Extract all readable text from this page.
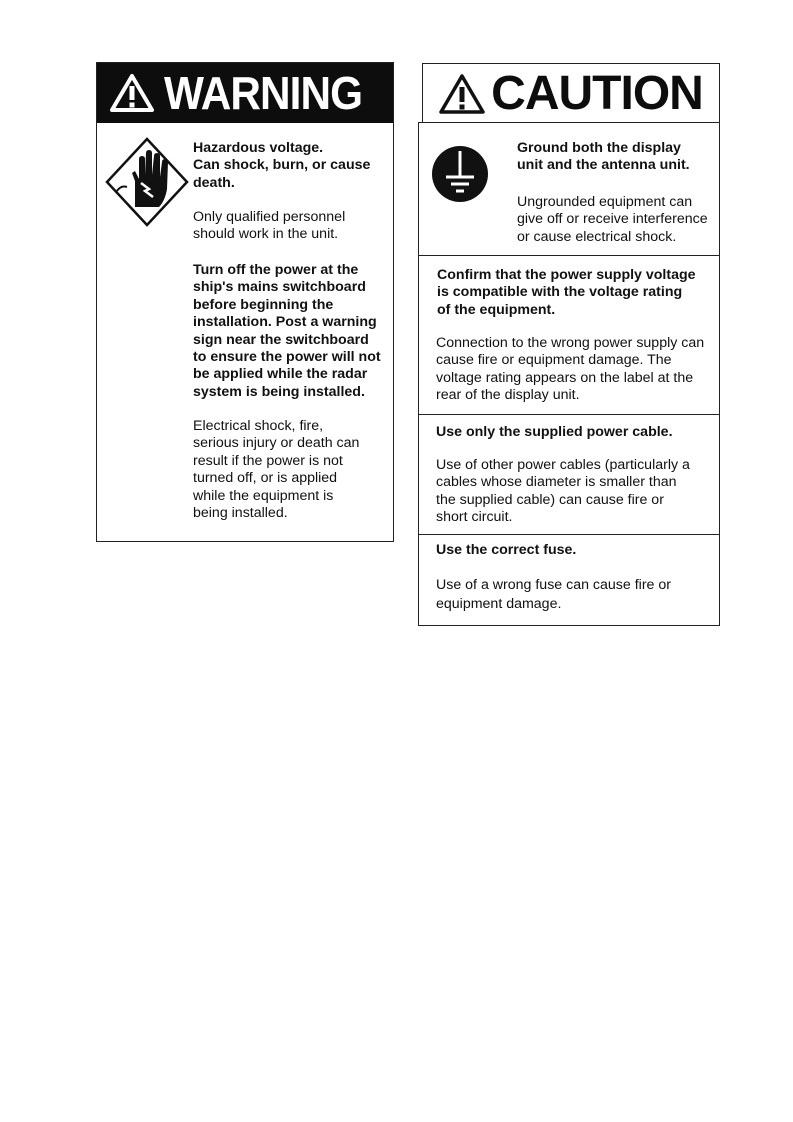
WARNING
Hazardous voltage.
Can shock, burn, or cause
death.
Only qualified personnel
should work in the unit.
Turn off the power at the
ship's mains switchboard
before beginning the
installation. Post a warning
sign near the switchboard
to ensure the power will not
be applied while the radar
system is being installed.
Electrical shock, fire,
serious injury or death can
result if the power is not
turned off, or is applied
while the equipment is
being installed.
CAUTION
Ground both the display
unit and the antenna unit.
Ungrounded equipment can
give off or receive interference
or cause electrical shock.
Confirm that the power supply voltage
is compatible with the voltage rating
of the equipment.
Connection to the wrong power supply can
cause fire or equipment damage. The
voltage rating appears on the label at the
rear of the display unit.
Use only the supplied power cable.
Use of other power cables (particularly a
cables whose diameter is smaller than
the supplied cable) can cause fire or
short circuit.
Use the correct fuse.
Use of a wrong fuse can cause fire or
equipment damage.
